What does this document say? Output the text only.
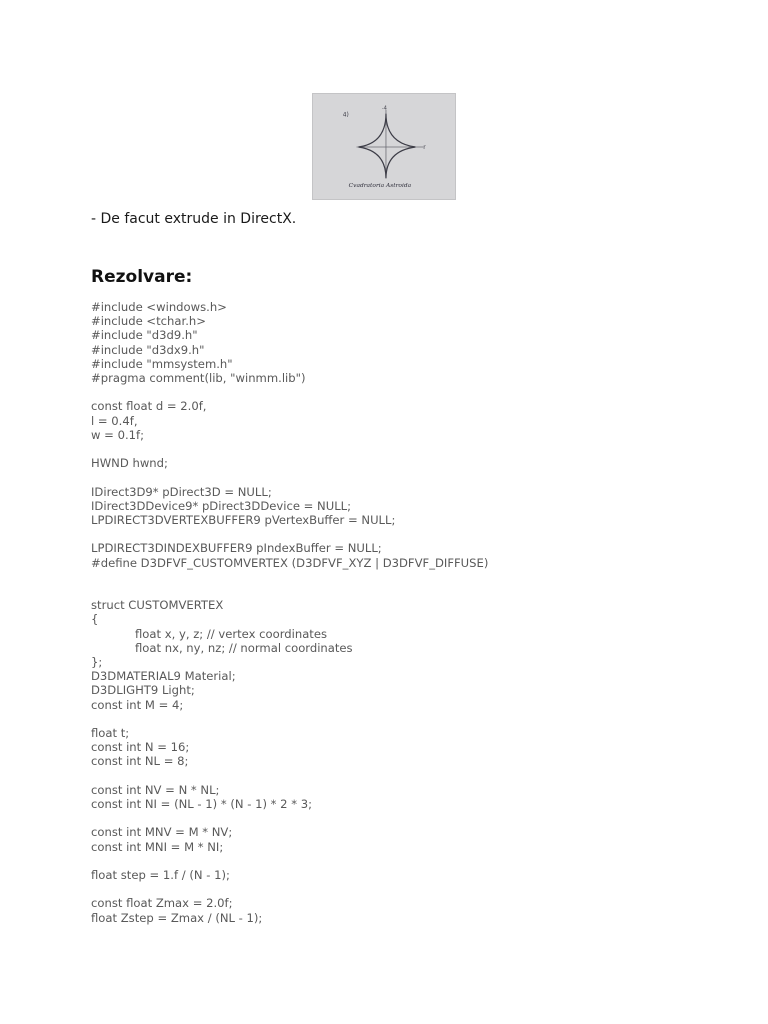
4)
-4
r
Cvadratoria Astroida

- De facut extrude in DirectX.

Rezolvare:
#include <windows.h>
#include <tchar.h>
#include "d3d9.h"
#include "d3dx9.h"
#include "mmsystem.h"
#pragma comment(lib, "winmm.lib")
const float d = 2.0f,
l = 0.4f,
w = 0.1f;
HWND hwnd;
IDirect3D9* pDirect3D = NULL;
IDirect3DDevice9* pDirect3DDevice = NULL;
LPDIRECT3DVERTEXBUFFER9 pVertexBuffer = NULL;
LPDIRECT3DINDEXBUFFER9 pIndexBuffer = NULL;
#define D3DFVF_CUSTOMVERTEX (D3DFVF_XYZ | D3DFVF_DIFFUSE)
struct CUSTOMVERTEX
{
float x, y, z; // vertex coordinates
float nx, ny, nz; // normal coordinates
};
D3DMATERIAL9 Material;
D3DLIGHT9 Light;
const int M = 4;
float t;
const int N = 16;
const int NL = 8;
const int NV = N * NL;
const int NI = (NL - 1) * (N - 1) * 2 * 3;
const int MNV = M * NV;
const int MNI = M * NI;
float step = 1.f / (N - 1);
const float Zmax = 2.0f;
float Zstep = Zmax / (NL - 1);
